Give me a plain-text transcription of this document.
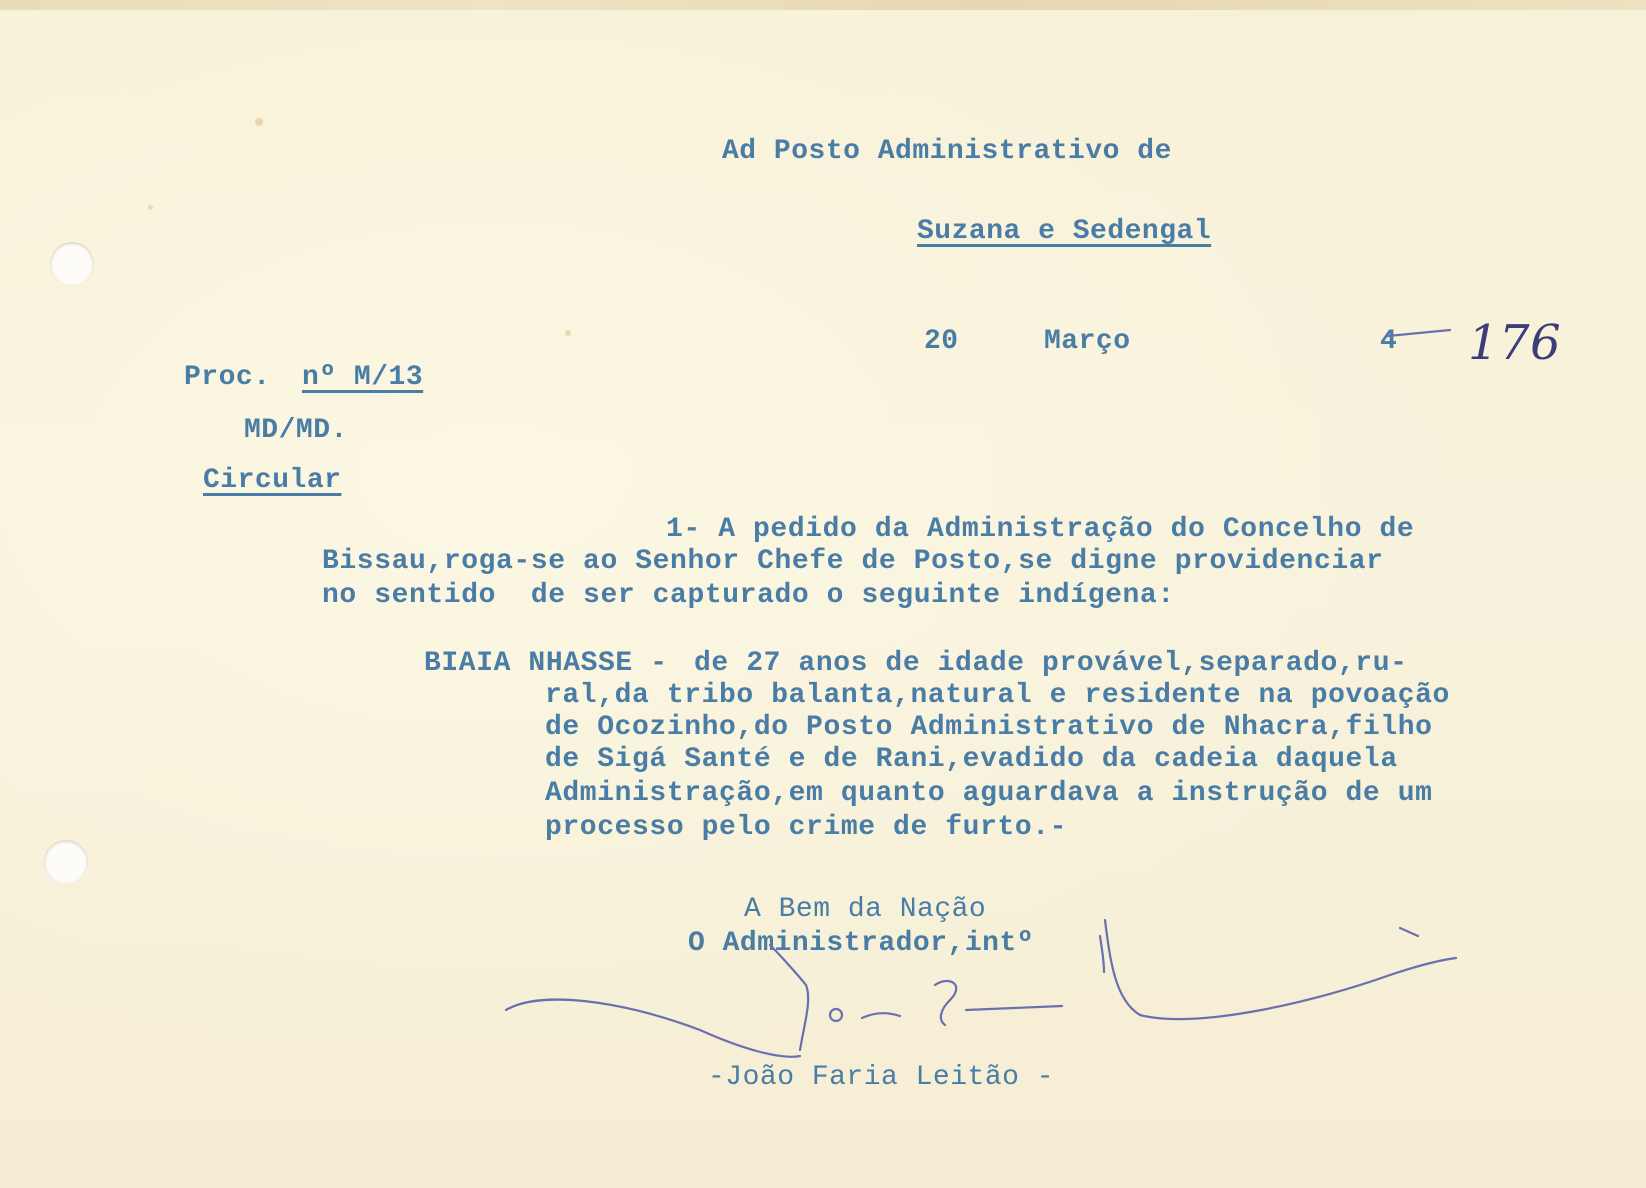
Ad Posto Administrativo de
Suzana e Sedengal
20	Março	4 176
Proc. nº M/13
MD/MD.
Circular
1- A pedido da Administração do Concelho de
Bissau,roga-se ao Senhor Chefe de Posto,se digne providenciar
no sentido  de ser capturado o seguinte indígena:
BIAIA NHASSE - de 27 anos de idade provável,separado,ru-
ral,da tribo balanta,natural e residente na povoação
de Ocozinho,do Posto Administrativo de Nhacra,filho
de Sigá Santé e de Rani,evadido da cadeia daquela
Administração,em quanto aguardava a instrução de um
processo pelo crime de furto.-
A Bem da Nação
O Administrador,intº
-João Faria Leitão -
